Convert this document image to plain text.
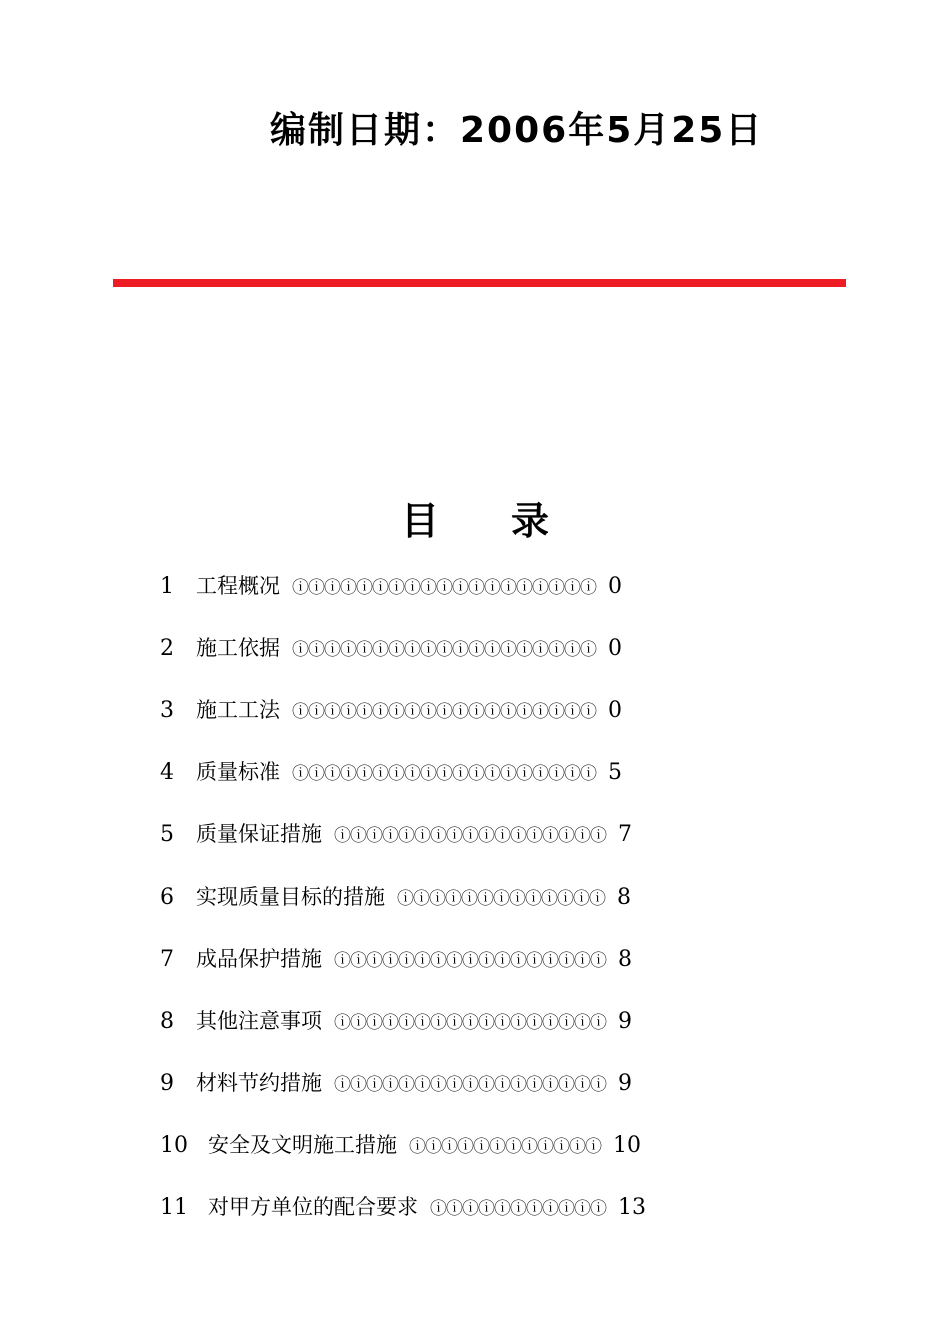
编制日期：2006年5月25日
目 录
1 工程概况 ⓘⓘⓘⓘⓘⓘⓘⓘⓘⓘⓘⓘⓘⓘⓘⓘⓘⓘⓘ 0
2 施工依据 ⓘⓘⓘⓘⓘⓘⓘⓘⓘⓘⓘⓘⓘⓘⓘⓘⓘⓘⓘ 0
3 施工工法 ⓘⓘⓘⓘⓘⓘⓘⓘⓘⓘⓘⓘⓘⓘⓘⓘⓘⓘⓘ 0
4 质量标准 ⓘⓘⓘⓘⓘⓘⓘⓘⓘⓘⓘⓘⓘⓘⓘⓘⓘⓘⓘ 5
5 质量保证措施 ⓘⓘⓘⓘⓘⓘⓘⓘⓘⓘⓘⓘⓘⓘⓘⓘⓘ 7
6 实现质量目标的措施 ⓘⓘⓘⓘⓘⓘⓘⓘⓘⓘⓘⓘⓘ 8
7 成品保护措施 ⓘⓘⓘⓘⓘⓘⓘⓘⓘⓘⓘⓘⓘⓘⓘⓘⓘ 8
8 其他注意事项 ⓘⓘⓘⓘⓘⓘⓘⓘⓘⓘⓘⓘⓘⓘⓘⓘⓘ 9
9 材料节约措施 ⓘⓘⓘⓘⓘⓘⓘⓘⓘⓘⓘⓘⓘⓘⓘⓘⓘ 9
10 安全及文明施工措施 ⓘⓘⓘⓘⓘⓘⓘⓘⓘⓘⓘⓘ 10
11 对甲方单位的配合要求 ⓘⓘⓘⓘⓘⓘⓘⓘⓘⓘⓘ 13
